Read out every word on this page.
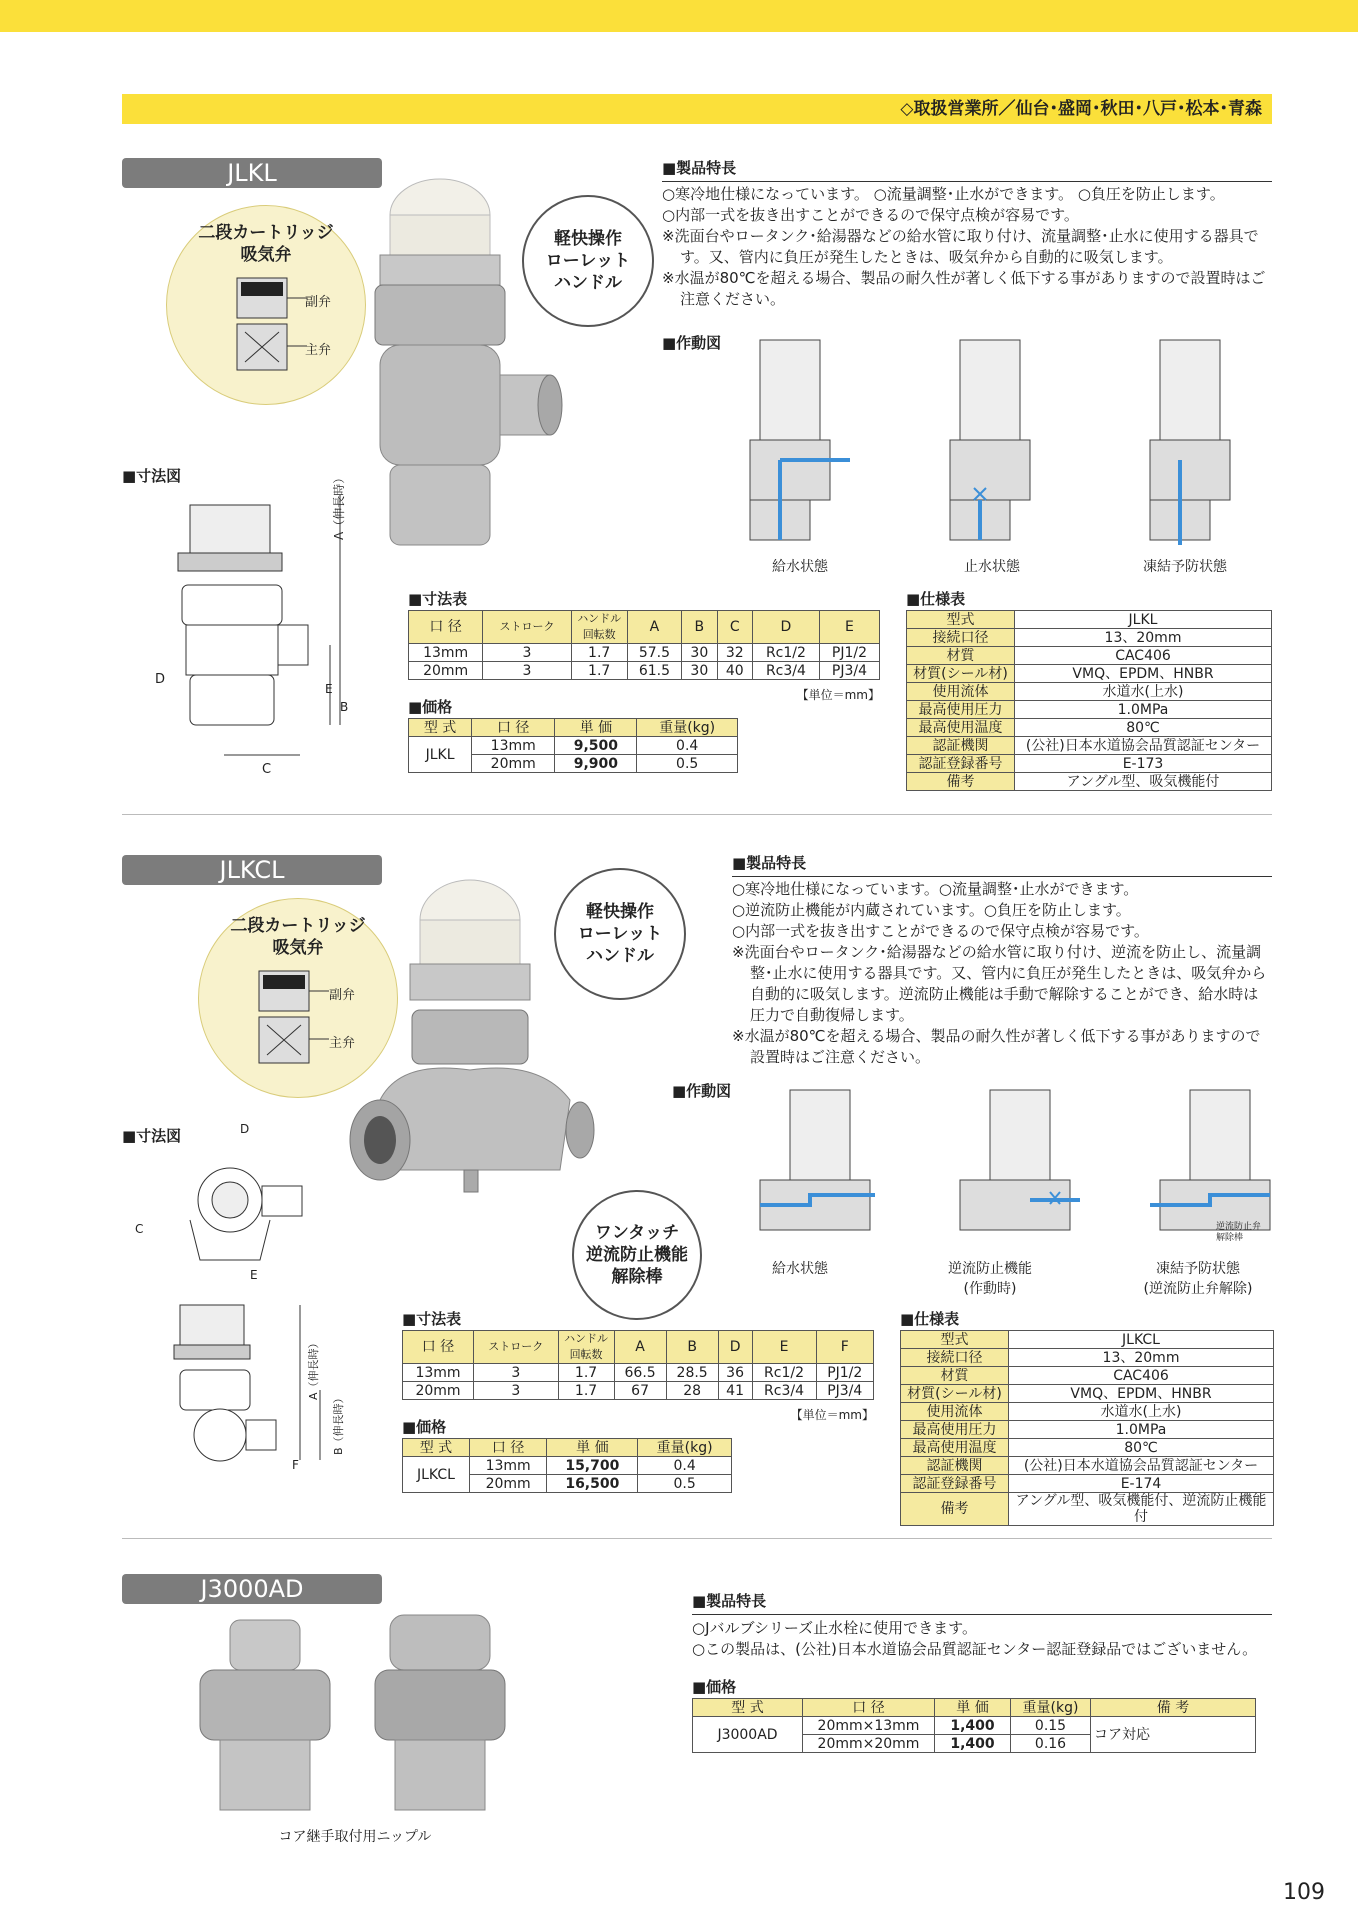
◇取扱営業所／仙台･盛岡･秋田･八戸･松本･青森
JLKL
二段カートリッジ
吸気弁
副弁
主弁
軽快操作
ローレット
ハンドル
■寸法図	A（伸長時）
B
C
D
E
■製品特長

○寒冷地仕様になっています。 ○流量調整･止水ができます。 ○負圧を防止します。

○内部一式を抜き出すことができるので保守点検が容易です。

※洗面台やロータンク･給湯器などの給水管に取り付け、流量調整･止水に使用する器具です。又、管内に負圧が発生したときは、吸気弁から自動的に吸気します。

※水温が80℃を超える場合、製品の耐久性が著しく低下する事がありますので設置時はご注意ください。

■作動図
給水状態	止水状態	凍結予防状態
■寸法表
口 径	ストローク	ハンドル回転数	A	B	C	D	E
13mm	3	1.7	57.5	30	32	Rc1/2	PJ1/2
20mm	3	1.7	61.5	30	40	Rc3/4	PJ3/4
【単位＝mm】
■価格
型 式	口 径	単 価	重量(kg)
JLKL	13mm	9,500	0.4
	20mm	9,900	0.5
■仕様表
型式	JLKL
接続口径	13、20mm
材質	CAC406
材質(シール材)	VMQ、EPDM、HNBR
使用流体	水道水(上水)
最高使用圧力	1.0MPa
最高使用温度	80℃
認証機関	(公社)日本水道協会品質認証センター
認証登録番号	E-173
備考	アングル型、吸気機能付
JLKCL
二段カートリッジ
吸気弁
副弁
主弁
軽快操作
ローレット
ハンドル
ワンタッチ
逆流防止機能
解除棒
■寸法図	D
C
E
A（伸長時）
B（伸長時）
F
■製品特長

○寒冷地仕様になっています。○流量調整･止水ができます。

○逆流防止機能が内蔵されています。○負圧を防止します。

○内部一式を抜き出すことができるので保守点検が容易です。

※洗面台やロータンク･給湯器などの給水管に取り付け、逆流を防止し、流量調整･止水に使用する器具です。又、管内に負圧が発生したときは、吸気弁から自動的に吸気します。逆流防止機能は手動で解除することができ、給水時は圧力で自動復帰します。

※水温が80℃を超える場合、製品の耐久性が著しく低下する事がありますので設置時はご注意ください。

■作動図
逆流防止弁
解除棒
給水状態	逆流防止機能
(作動時)
凍結予防状態
(逆流防止弁解除)
■寸法表
口 径	ストローク	ハンドル回転数	A	B	D	E	F
13mm	3	1.7	66.5	28.5	36	Rc1/2	PJ1/2
20mm	3	1.7	67	28	41	Rc3/4	PJ3/4
【単位＝mm】
■価格
型 式	口 径	単 価	重量(kg)
JLKCL	13mm	15,700	0.4
	20mm	16,500	0.5
■仕様表
型式	JLKCL
接続口径	13、20mm
材質	CAC406
材質(シール材)	VMQ、EPDM、HNBR
使用流体	水道水(上水)
最高使用圧力	1.0MPa
最高使用温度	80℃
認証機関	(公社)日本水道協会品質認証センター
認証登録番号	E-174
備考	アングル型、吸気機能付、逆流防止機能付
J3000AD
コア継手取付用ニップル
■製品特長

○Jバルブシリーズ止水栓に使用できます。

○この製品は、(公社)日本水道協会品質認証センター認証登録品ではございません。

■価格
型 式	口 径	単 価	重量(kg)	備 考
J3000AD	20mm×13mm	1,400	0.15	コア対応
	20mm×20mm	1,400	0.16	
109
